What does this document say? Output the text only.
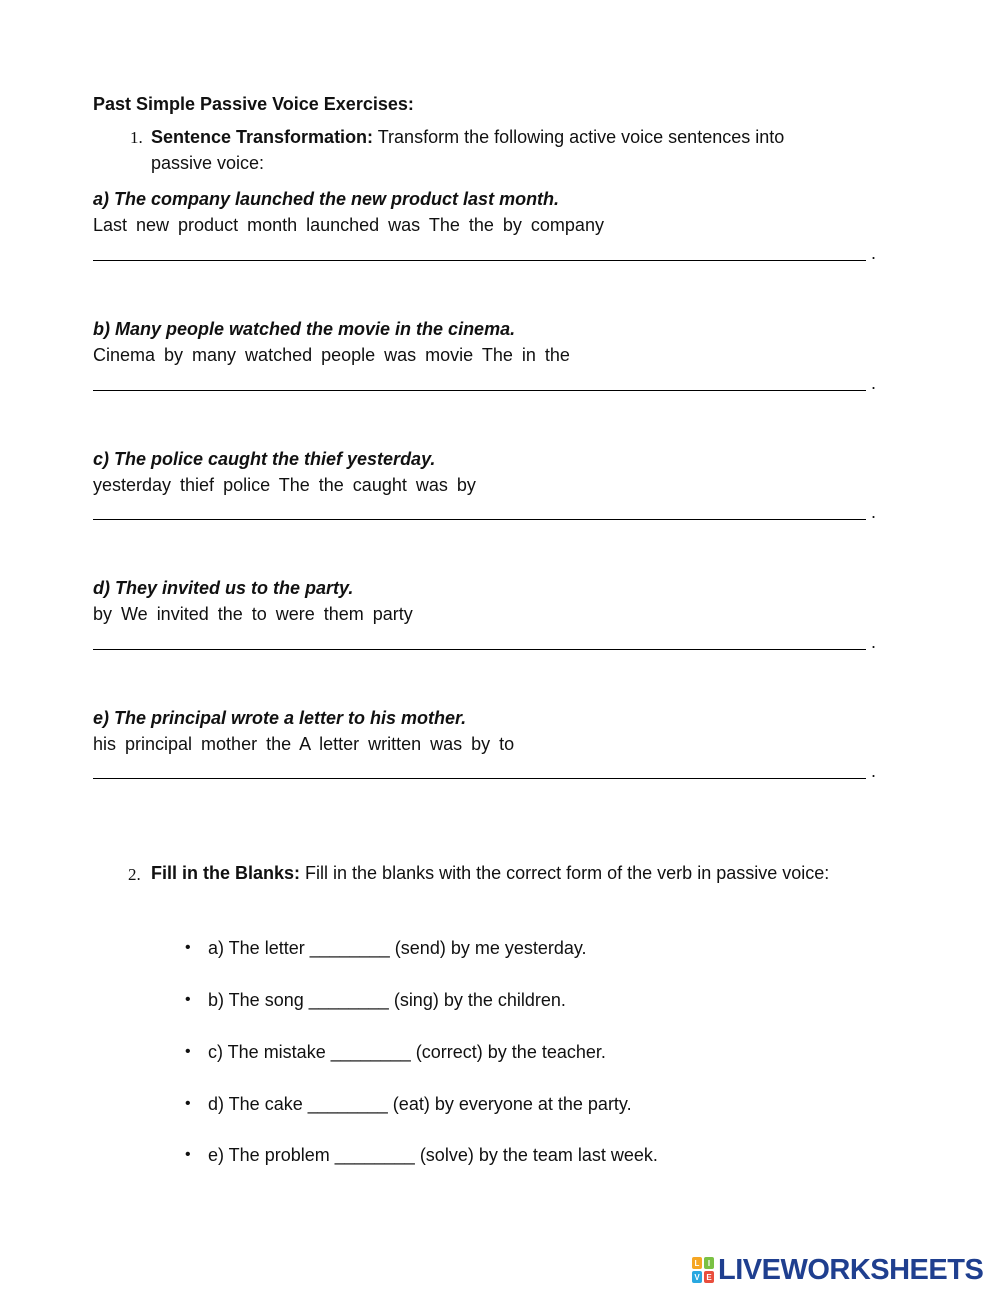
Past Simple Passive Voice Exercises:
1. Sentence Transformation: Transform the following active voice sentences into
passive voice:
a) The company launched the new product last month.
Last new product month launched was The the by company
.
b) Many people watched the movie in the cinema.
Cinema by many watched people was movie The in the
.
c) The police caught the thief yesterday.
yesterday thief police The the caught was by
.
d) They invited us to the party.
by We invited the to were them party
.
e) The principal wrote a letter to his mother.
his principal mother the A letter written was by to
.
2. Fill in the Blanks: Fill in the blanks with the correct form of the verb in passive voice:
• a) The letter ________ (send) by me yesterday.
• b) The song ________ (sing) by the children.
• c) The mistake ________ (correct) by the teacher.
• d) The cake ________ (eat) by everyone at the party.
• e) The problem ________ (solve) by the team last week.
L	I
V E LIVEWORKSHEETS
